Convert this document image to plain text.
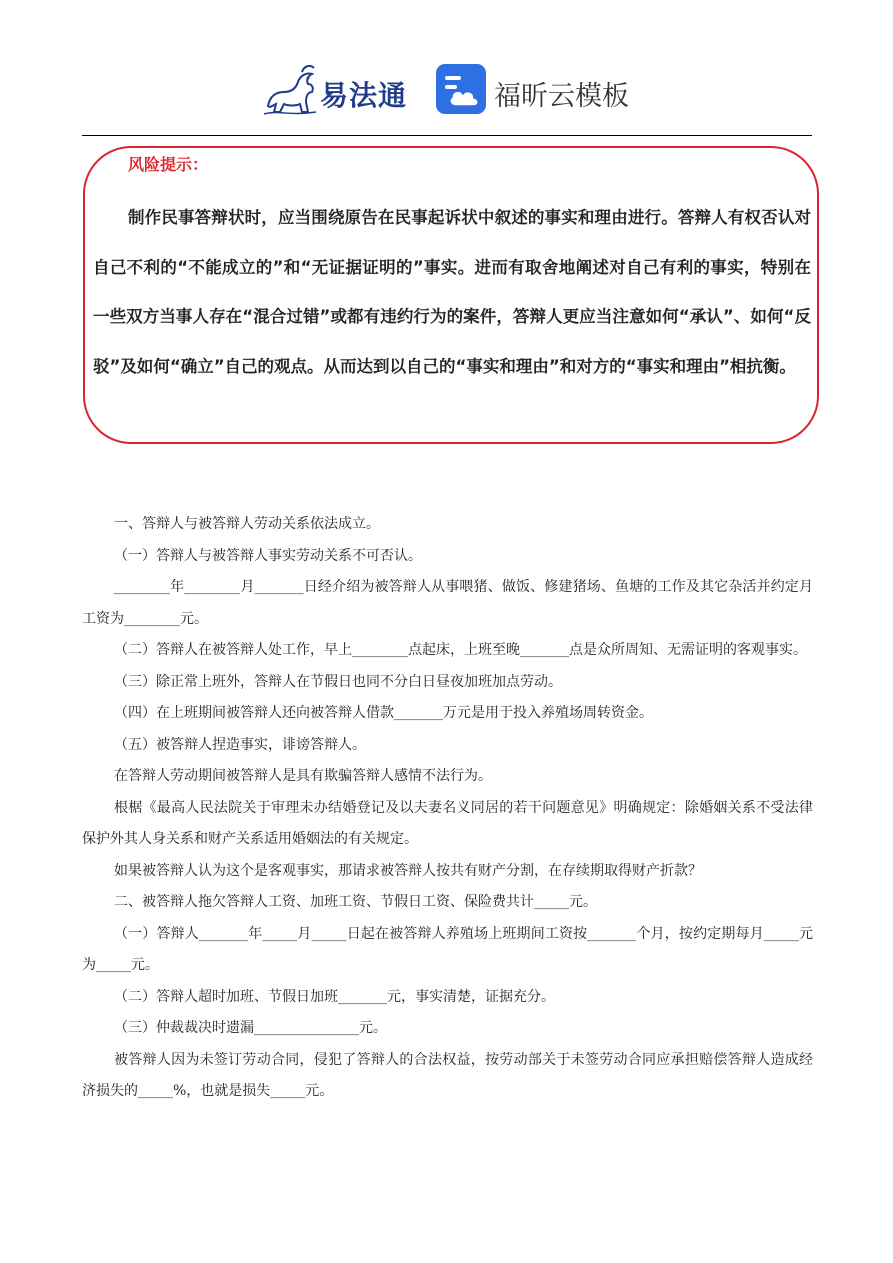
易法通	福昕云模板
风险提示：
制作民事答辩状时，应当围绕原告在民事起诉状中叙述的事实和理由进行。答辩人有权否认对自己不利的“不能成立的”和“无证据证明的”事实。进而有取舍地阐述对自己有利的事实，特别在一些双方当事人存在“混合过错”或都有违约行为的案件，答辩人更应当注意如何“承认”、如何“反驳”及如何“确立”自己的观点。从而达到以自己的“事实和理由”和对方的“事实和理由”相抗衡。

一、答辩人与被答辩人劳动关系依法成立。

（一）答辩人与被答辩人事实劳动关系不可否认。

________年________月_______日经介绍为被答辩人从事喂猪、做饭、修建猪场、鱼塘的工作及其它杂活并约定月工资为________元。

（二）答辩人在被答辩人处工作，早上________点起床，上班至晚_______点是众所周知、无需证明的客观事实。

（三）除正常上班外，答辩人在节假日也同不分白日昼夜加班加点劳动。

（四）在上班期间被答辩人还向被答辩人借款_______万元是用于投入养殖场周转资金。

（五）被答辩人捏造事实，诽谤答辩人。

在答辩人劳动期间被答辩人是具有欺骗答辩人感情不法行为。

根椐《最高人民法院关于审理未办结婚登记及以夫妻名义同居的若干问题意见》明确规定：除婚姻关系不受法律保护外其人身关系和财产关系适用婚姻法的有关规定。

如果被答辩人认为这个是客观事实，那请求被答辩人按共有财产分割，在存续期取得财产折款？

二、被答辩人拖欠答辩人工资、加班工资、节假日工资、保险费共计_____元。

（一）答辩人_______年_____月_____日起在被答辩人养殖场上班期间工资按_______个月，按约定期每月_____元为_____元。

（二）答辩人超时加班、节假日加班_______元，事实清楚，证据充分。

（三）仲裁裁决时遗漏_______________元。

被答辩人因为未签订劳动合同，侵犯了答辩人的合法权益，按劳动部关于未签劳动合同应承担赔偿答辩人造成经济损失的_____%，也就是损失_____元。
